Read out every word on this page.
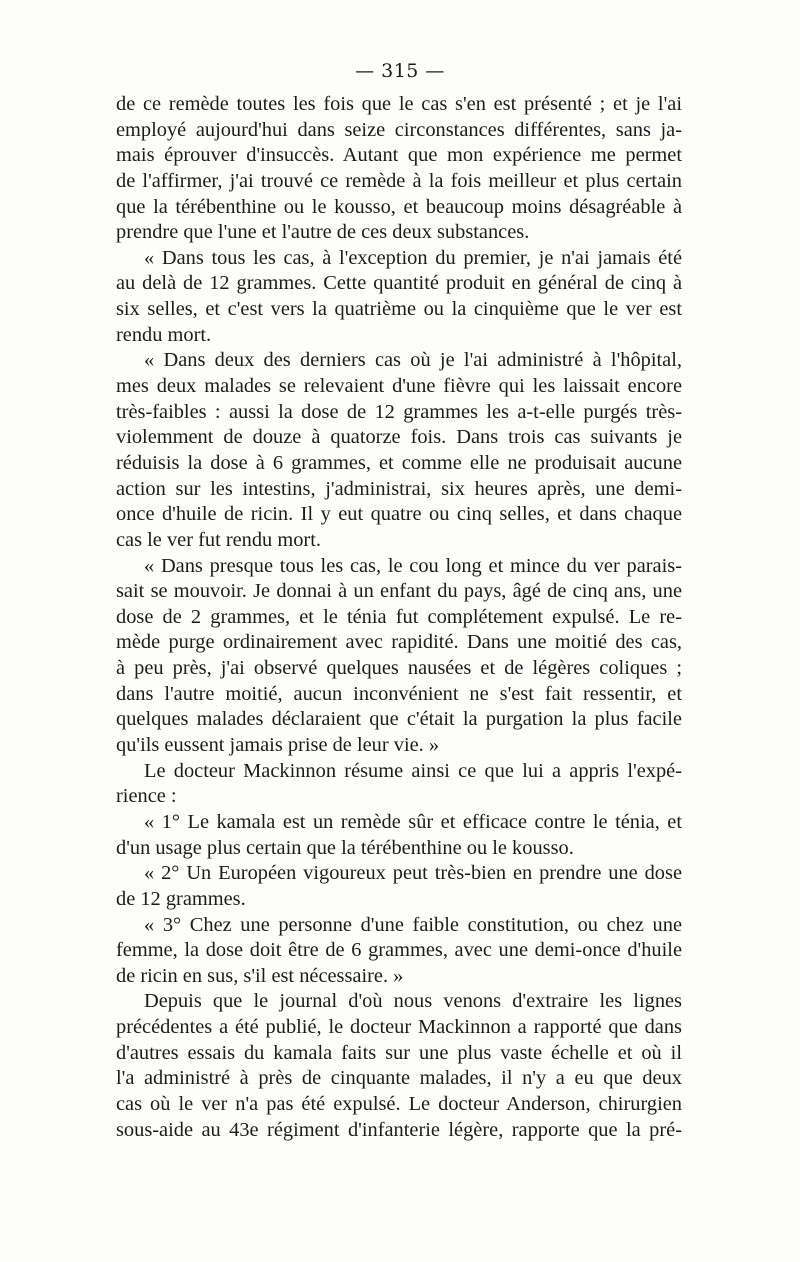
— 315 —
de ce remède toutes les fois que le cas s'en est présenté ; et je l'ai
employé aujourd'hui dans seize circonstances différentes, sans ja-
mais éprouver d'insuccès. Autant que mon expérience me permet
de l'affirmer, j'ai trouvé ce remède à la fois meilleur et plus certain
que la térébenthine ou le kousso, et beaucoup moins désagréable à
prendre que l'une et l'autre de ces deux substances.
« Dans tous les cas, à l'exception du premier, je n'ai jamais été
au delà de 12 grammes. Cette quantité produit en général de cinq à
six selles, et c'est vers la quatrième ou la cinquième que le ver est
rendu mort.
« Dans deux des derniers cas où je l'ai administré à l'hôpital,
mes deux malades se relevaient d'une fièvre qui les laissait encore
très-faibles : aussi la dose de 12 grammes les a-t-elle purgés très-
violemment de douze à quatorze fois. Dans trois cas suivants je
réduisis la dose à 6 grammes, et comme elle ne produisait aucune
action sur les intestins, j'administrai, six heures après, une demi-
once d'huile de ricin. Il y eut quatre ou cinq selles, et dans chaque
cas le ver fut rendu mort.
« Dans presque tous les cas, le cou long et mince du ver parais-
sait se mouvoir. Je donnai à un enfant du pays, âgé de cinq ans, une
dose de 2 grammes, et le ténia fut complétement expulsé. Le re-
mède purge ordinairement avec rapidité. Dans une moitié des cas,
à peu près, j'ai observé quelques nausées et de légères coliques ;
dans l'autre moitié, aucun inconvénient ne s'est fait ressentir, et
quelques malades déclaraient que c'était la purgation la plus facile
qu'ils eussent jamais prise de leur vie. »
Le docteur Mackinnon résume ainsi ce que lui a appris l'expé-
rience :
« 1° Le kamala est un remède sûr et efficace contre le ténia, et
d'un usage plus certain que la térébenthine ou le kousso.
« 2° Un Européen vigoureux peut très-bien en prendre une dose
de 12 grammes.
« 3° Chez une personne d'une faible constitution, ou chez une
femme, la dose doit être de 6 grammes, avec une demi-once d'huile
de ricin en sus, s'il est nécessaire. »
Depuis que le journal d'où nous venons d'extraire les lignes
précédentes a été publié, le docteur Mackinnon a rapporté que dans
d'autres essais du kamala faits sur une plus vaste échelle et où il
l'a administré à près de cinquante malades, il n'y a eu que deux
cas où le ver n'a pas été expulsé. Le docteur Anderson, chirurgien
sous-aide au 43e régiment d'infanterie légère, rapporte que la pré-
